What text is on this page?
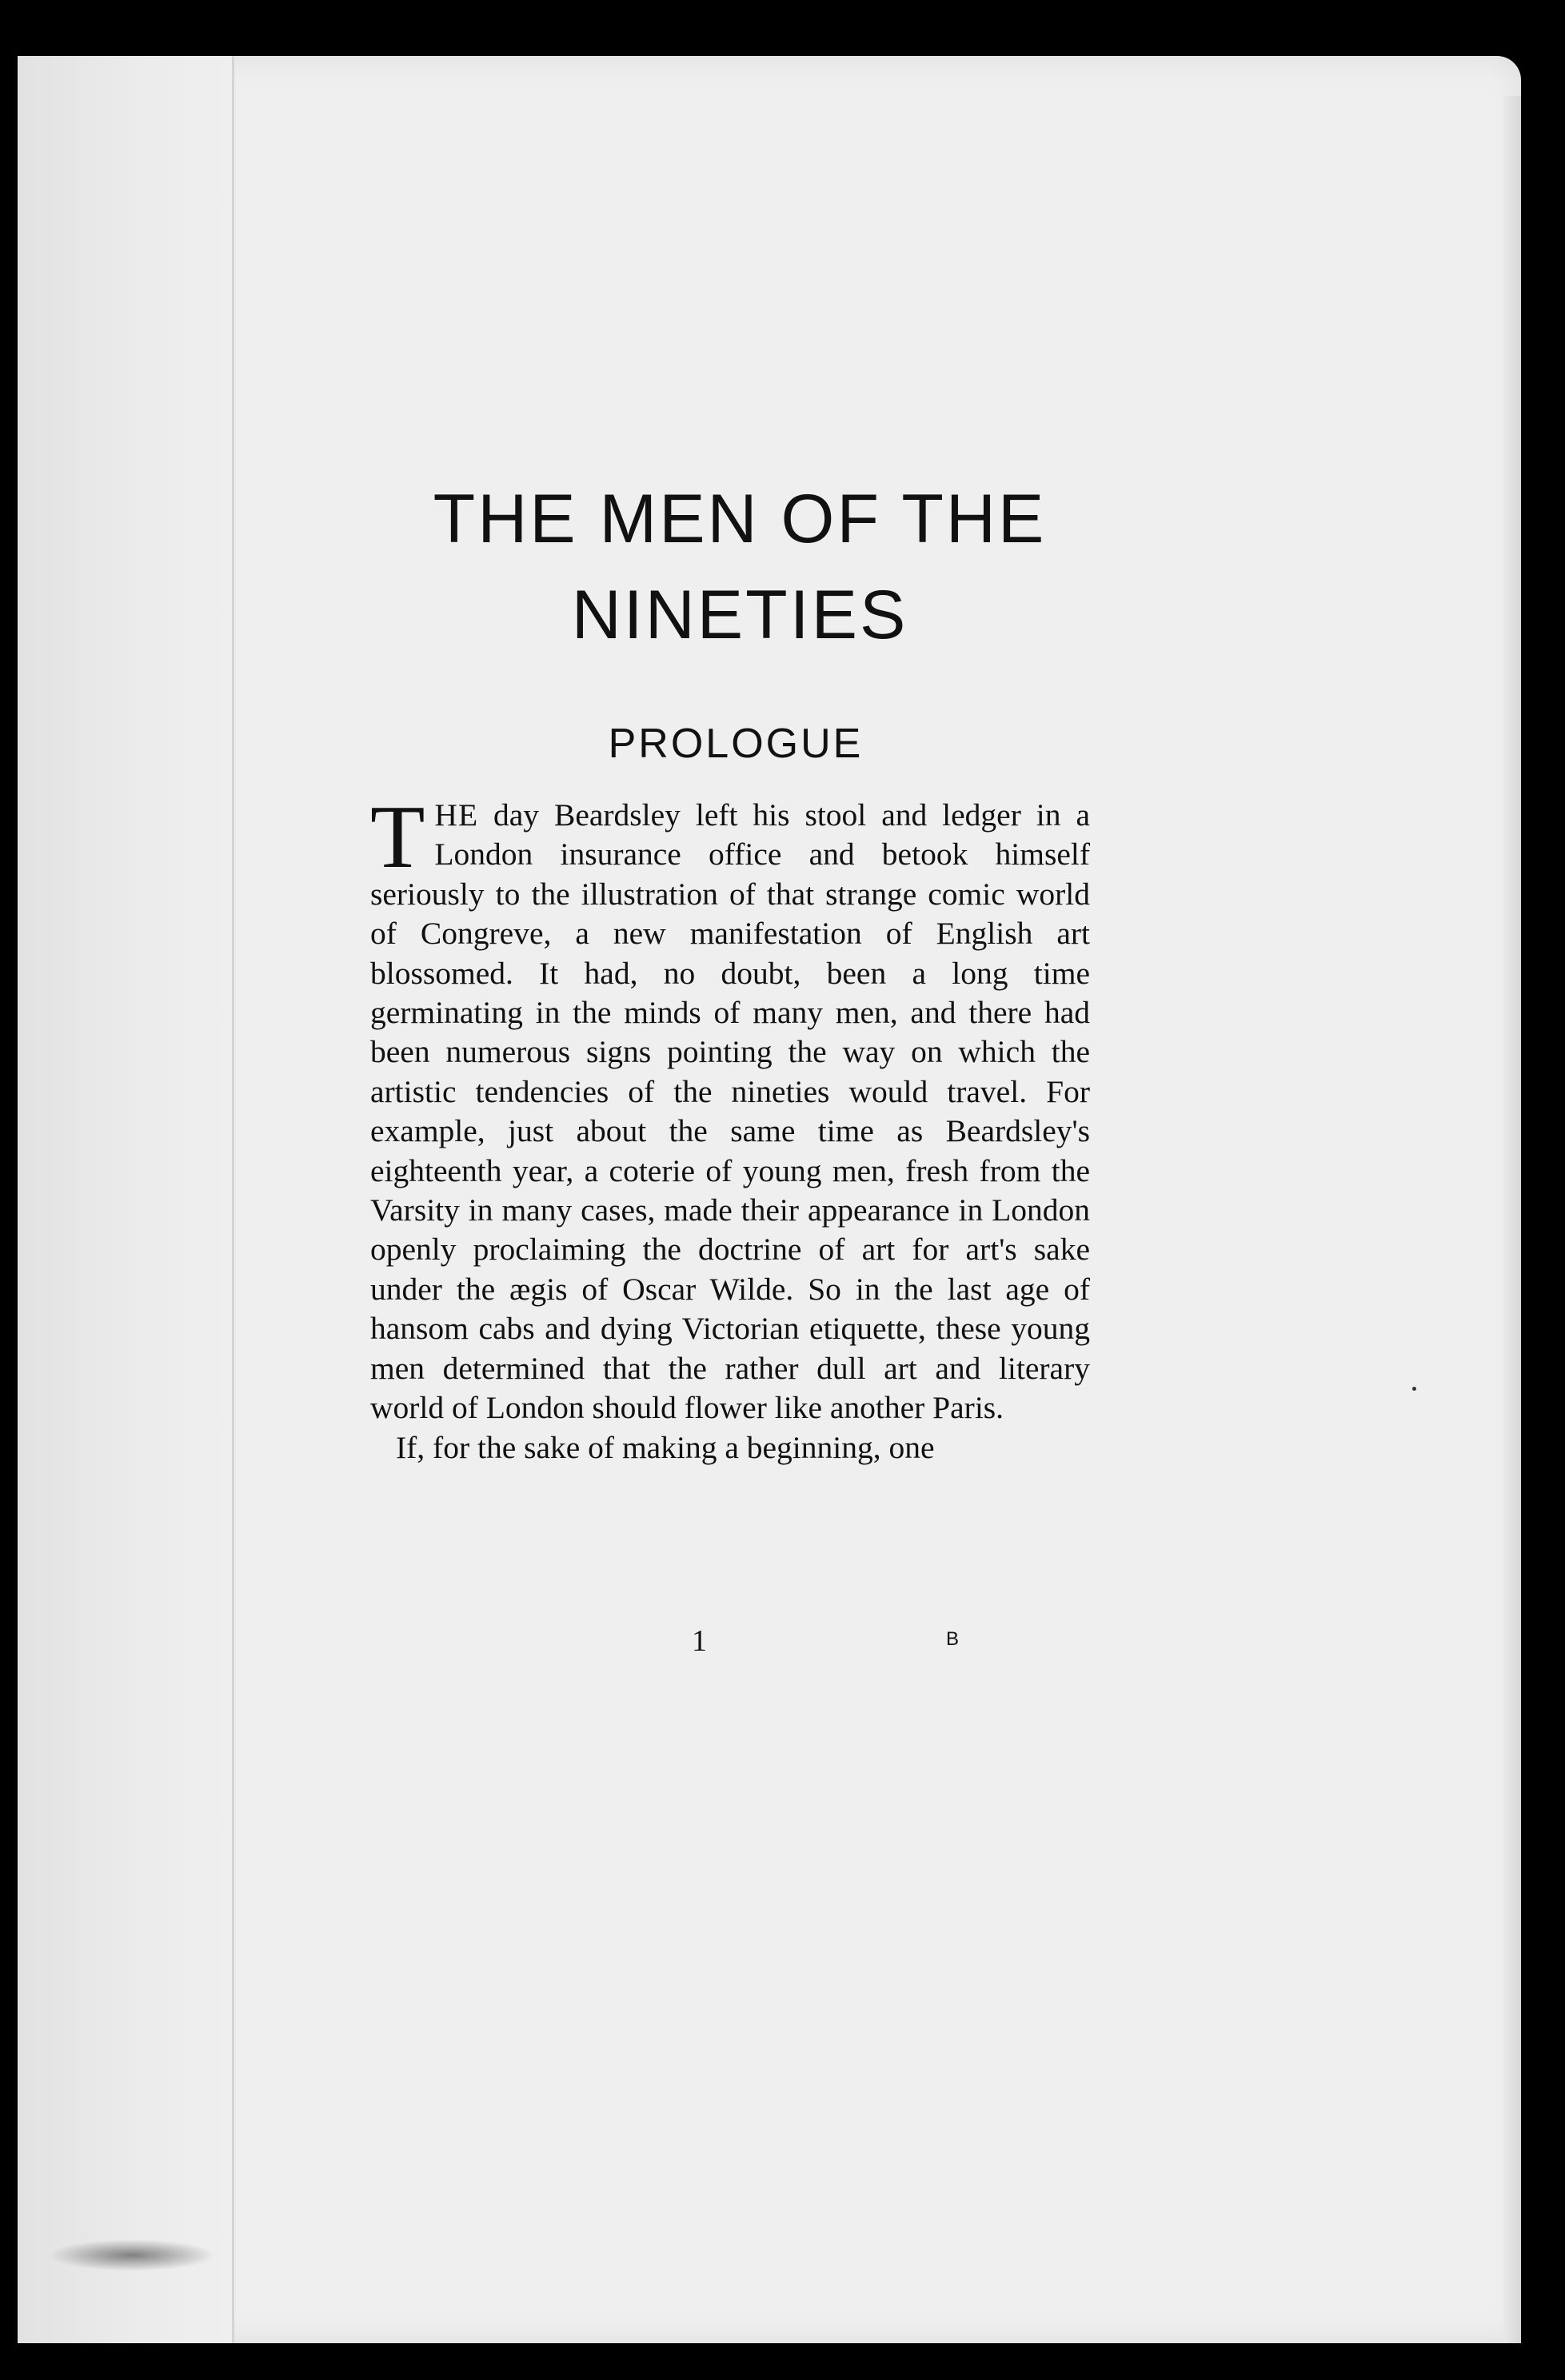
THE MEN OF THE
NINETIES
PROLOGUE

THE day Beardsley left his stool and ledger in a London insurance office and betook himself seriously to the illustration of that strange comic world of Congreve, a new manifestation of English art blossomed. It had, no doubt, been a long time germinating in the minds of many men, and there had been numerous signs pointing the way on which the artistic tendencies of the nineties would travel. For example, just about the same time as Beardsley's eighteenth year, a coterie of young men, fresh from the Varsity in many cases, made their appearance in London openly proclaiming the doctrine of art for art's sake under the ægis of Oscar Wilde. So in the last age of hansom cabs and dying Victorian etiquette, these young men determined that the rather dull art and literary world of London should flower like another Paris.

If, for the sake of making a beginning, one

1	B
